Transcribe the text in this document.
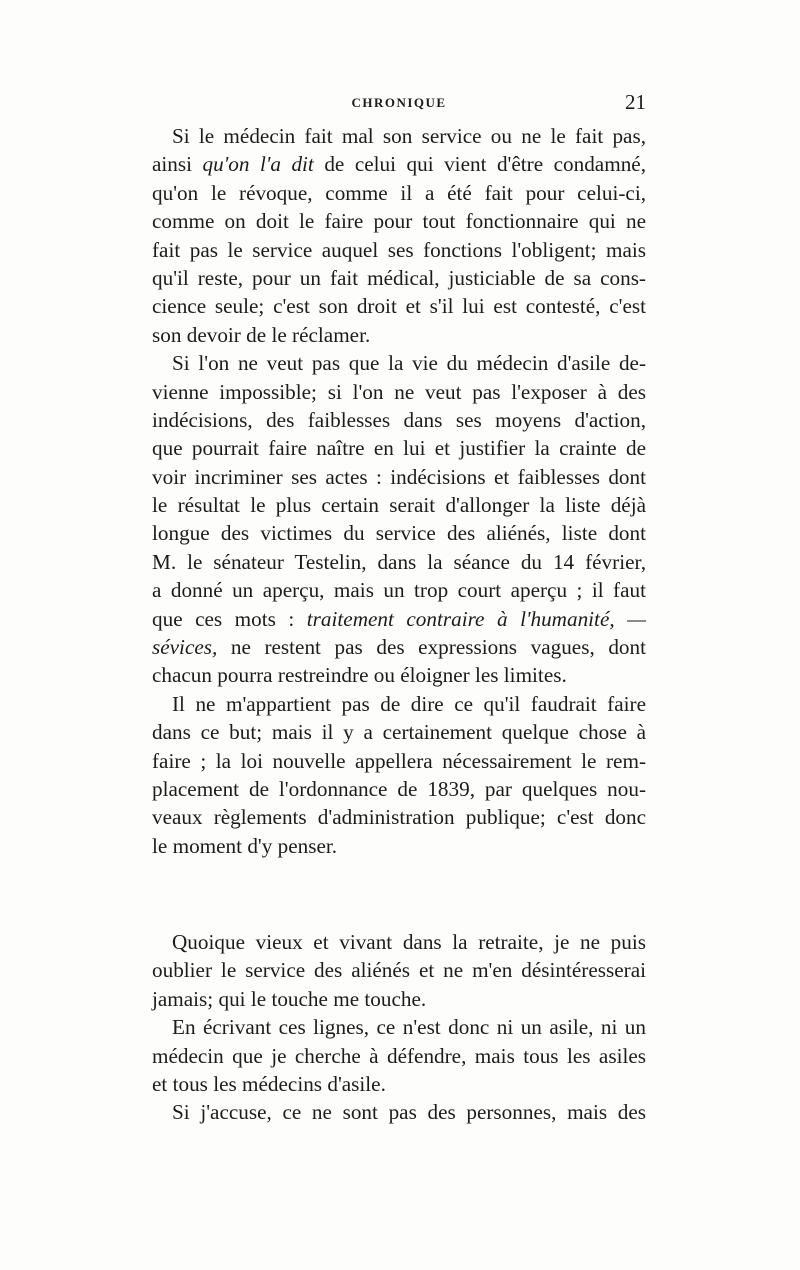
CHRONIQUE	21
Si le médecin fait mal son service ou ne le fait pas,
ainsi qu'on l'a dit de celui qui vient d'être condamné,
qu'on le révoque, comme il a été fait pour celui-ci,
comme on doit le faire pour tout fonctionnaire qui ne
fait pas le service auquel ses fonctions l'obligent; mais
qu'il reste, pour un fait médical, justiciable de sa cons-
cience seule; c'est son droit et s'il lui est contesté, c'est
son devoir de le réclamer.
Si l'on ne veut pas que la vie du médecin d'asile de-
vienne impossible; si l'on ne veut pas l'exposer à des
indécisions, des faiblesses dans ses moyens d'action,
que pourrait faire naître en lui et justifier la crainte de
voir incriminer ses actes : indécisions et faiblesses dont
le résultat le plus certain serait d'allonger la liste déjà
longue des victimes du service des aliénés, liste dont
M. le sénateur Testelin, dans la séance du 14 février,
a donné un aperçu, mais un trop court aperçu ; il faut
que ces mots : traitement contraire à l'humanité, —
sévices, ne restent pas des expressions vagues, dont
chacun pourra restreindre ou éloigner les limites.
Il ne m'appartient pas de dire ce qu'il faudrait faire
dans ce but; mais il y a certainement quelque chose à
faire ; la loi nouvelle appellera nécessairement le rem-
placement de l'ordonnance de 1839, par quelques nou-
veaux règlements d'administration publique; c'est donc
le moment d'y penser.
Quoique vieux et vivant dans la retraite, je ne puis
oublier le service des aliénés et ne m'en désintéresserai
jamais; qui le touche me touche.
En écrivant ces lignes, ce n'est donc ni un asile, ni un
médecin que je cherche à défendre, mais tous les asiles
et tous les médecins d'asile.
Si j'accuse, ce ne sont pas des personnes, mais des
